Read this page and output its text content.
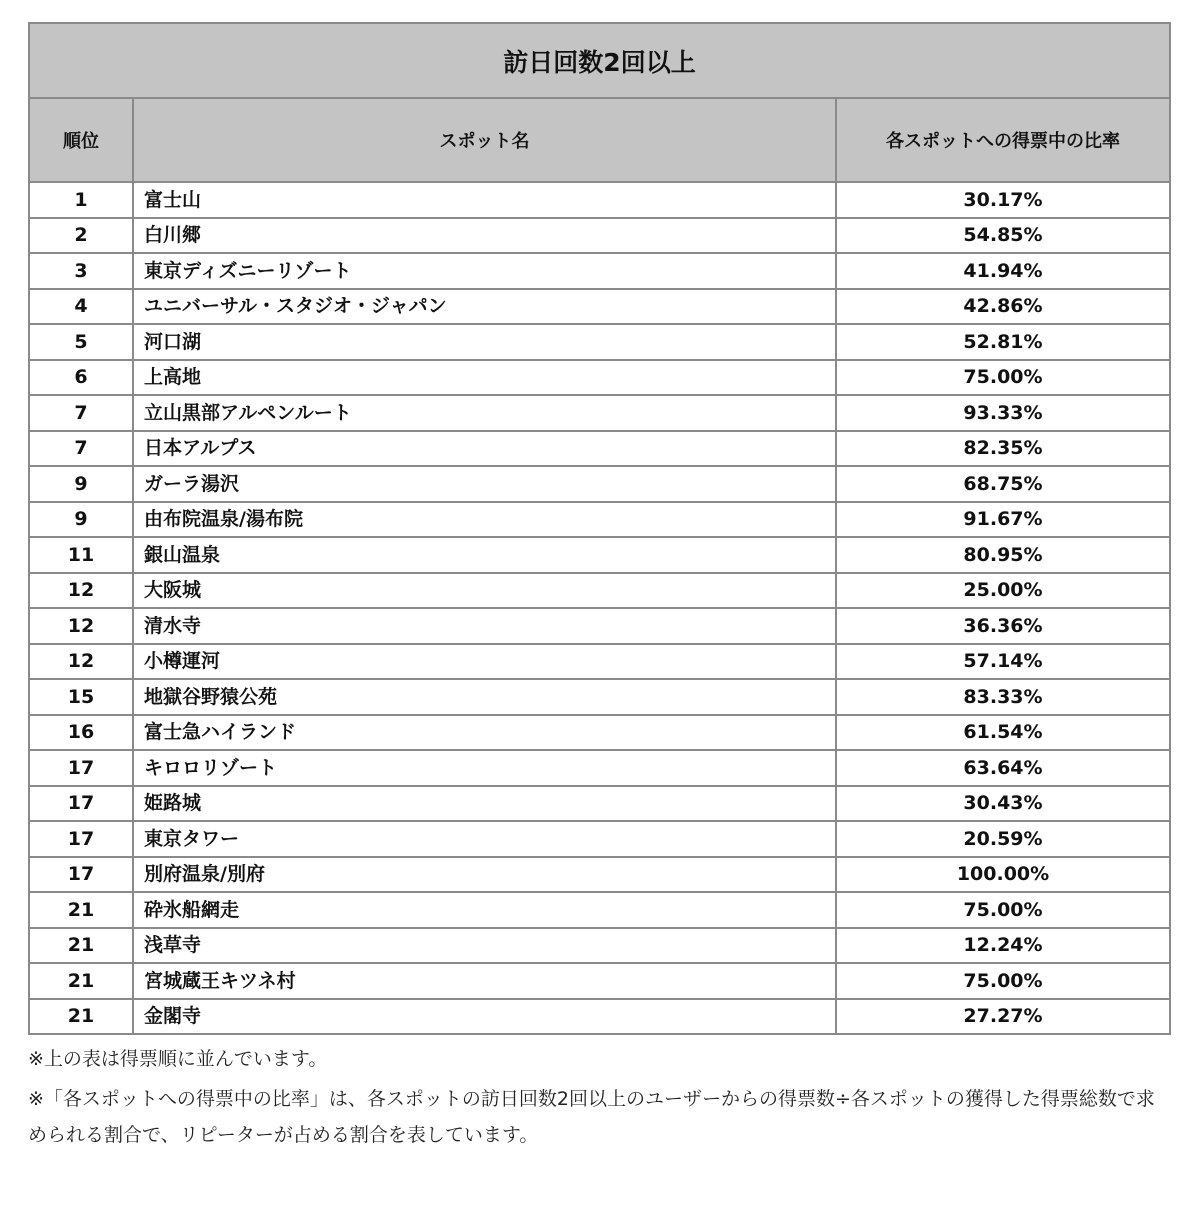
訪日回数2回以上		
順位	スポット名	各スポットへの得票中の比率
1	富士山	30.17%
2	白川郷	54.85%
3	東京ディズニーリゾート	41.94%
4	ユニバーサル・スタジオ・ジャパン	42.86%
5	河口湖	52.81%
6	上高地	75.00%
7	立山黒部アルペンルート	93.33%
7	日本アルプス	82.35%
9	ガーラ湯沢	68.75%
9	由布院温泉/湯布院	91.67%
11	銀山温泉	80.95%
12	大阪城	25.00%
12	清水寺	36.36%
12	小樽運河	57.14%
15	地獄谷野猿公苑	83.33%
16	富士急ハイランド	61.54%
17	キロロリゾート	63.64%
17	姫路城	30.43%
17	東京タワー	20.59%
17	別府温泉/別府	100.00%
21	砕氷船網走	75.00%
21	浅草寺	12.24%
21	宮城蔵王キツネ村	75.00%
21	金閣寺	27.27%

※上の表は得票順に並んでいます。

※「各スポットへの得票中の比率」は、各スポットの訪日回数2回以上のユーザーからの得票数÷各スポットの獲得した得票総数で求められる割合で、リピーターが占める割合を表しています。
